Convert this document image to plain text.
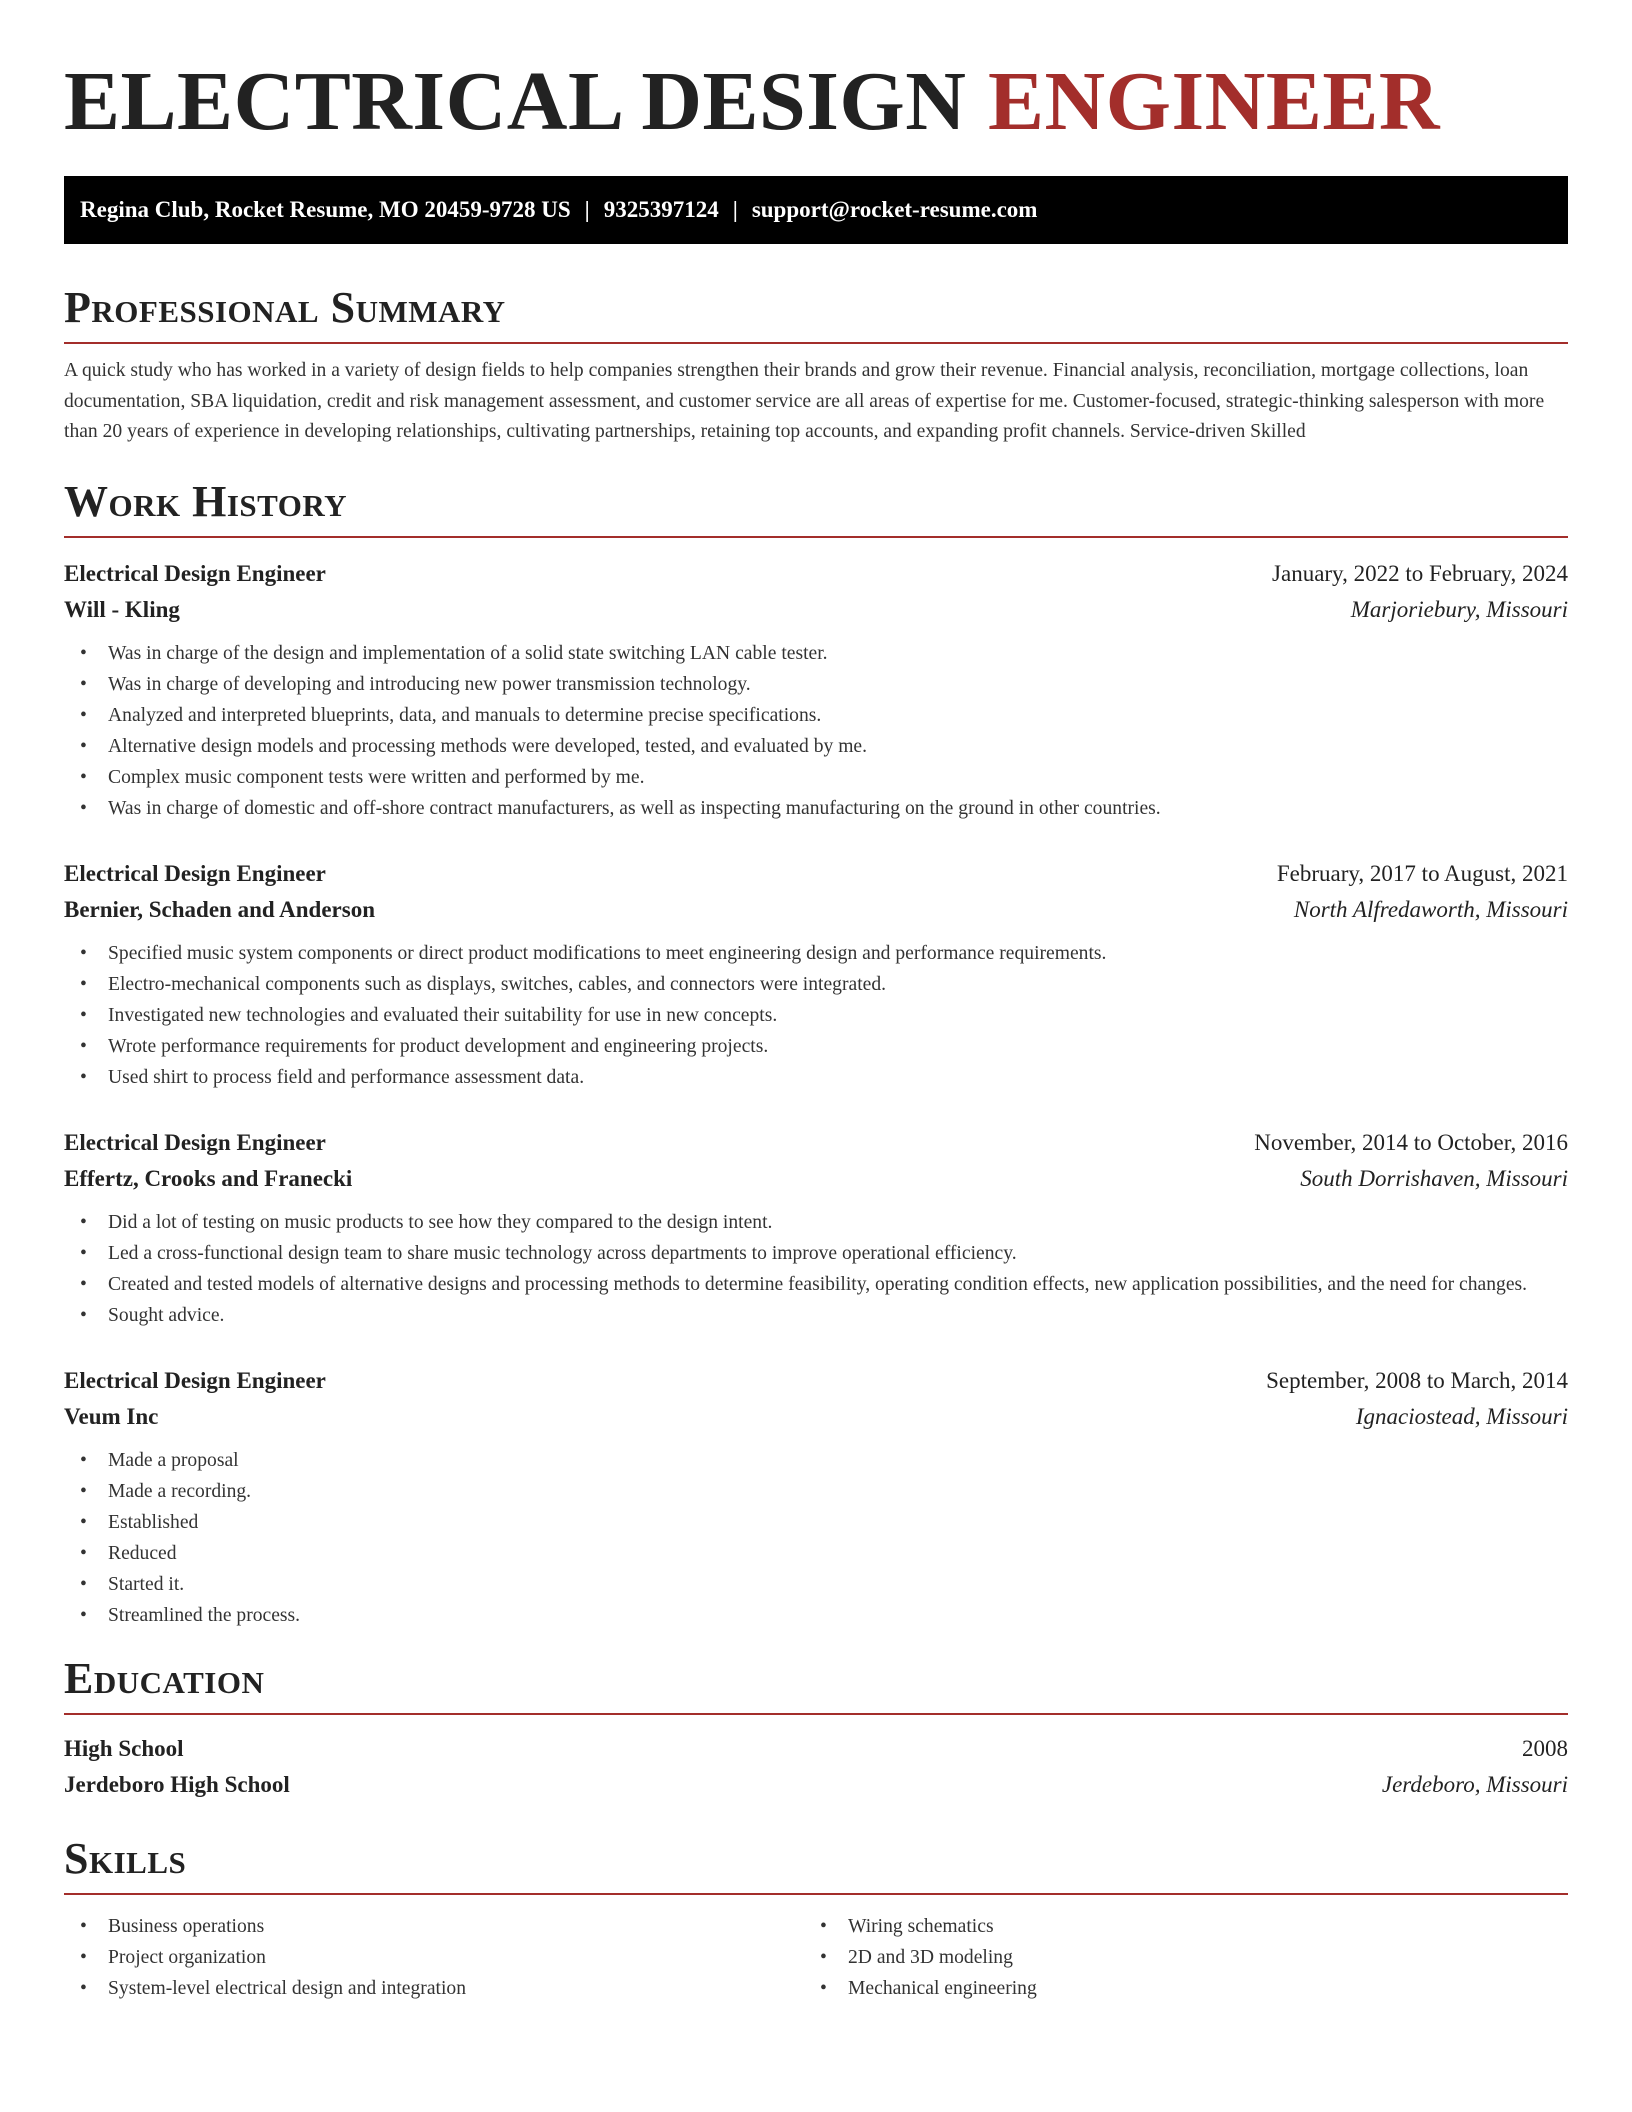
ELECTRICAL DESIGN ENGINEER
Regina Club, Rocket Resume, MO 20459-9728 US | 9325397124 | support@rocket-resume.com
Professional Summary

A quick study who has worked in a variety of design fields to help companies strengthen their brands and grow their revenue. Financial analysis, reconciliation, mortgage collections, loan documentation, SBA liquidation, credit and risk management assessment, and customer service are all areas of expertise for me. Customer-focused, strategic-thinking salesperson with more than 20 years of experience in developing relationships, cultivating partnerships, retaining top accounts, and expanding profit channels. Service-driven Skilled

Work History
Electrical Design Engineer	January, 2022 to February, 2024
Will - Kling	Marjoriebury, Missouri
• Was in charge of the design and implementation of a solid state switching LAN cable tester.
• Was in charge of developing and introducing new power transmission technology.
• Analyzed and interpreted blueprints, data, and manuals to determine precise specifications.
• Alternative design models and processing methods were developed, tested, and evaluated by me.
• Complex music component tests were written and performed by me.
• Was in charge of domestic and off-shore contract manufacturers, as well as inspecting manufacturing on the ground in other countries.
Electrical Design Engineer	February, 2017 to August, 2021
Bernier, Schaden and Anderson	North Alfredaworth, Missouri
• Specified music system components or direct product modifications to meet engineering design and performance requirements.
• Electro-mechanical components such as displays, switches, cables, and connectors were integrated.
• Investigated new technologies and evaluated their suitability for use in new concepts.
• Wrote performance requirements for product development and engineering projects.
• Used shirt to process field and performance assessment data.
Electrical Design Engineer	November, 2014 to October, 2016
Effertz, Crooks and Franecki	South Dorrishaven, Missouri
• Did a lot of testing on music products to see how they compared to the design intent.
• Led a cross-functional design team to share music technology across departments to improve operational efficiency.
• Created and tested models of alternative designs and processing methods to determine feasibility, operating condition effects, new application possibilities, and the need for changes.
• Sought advice.
Electrical Design Engineer	September, 2008 to March, 2014
Veum Inc	Ignaciostead, Missouri
• Made a proposal
• Made a recording.
• Established
• Reduced
• Started it.
• Streamlined the process.
Education
High School	2008
Jerdeboro High School	Jerdeboro, Missouri
Skills
• Business operations
• Project organization
• System-level electrical design and integration
• Wiring schematics
• 2D and 3D modeling
• Mechanical engineering
